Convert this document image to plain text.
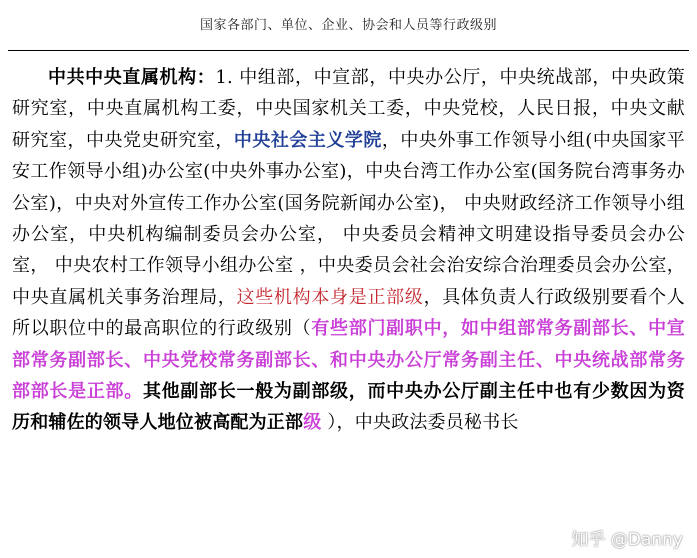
国家各部门、单位、企业、协会和人员等行政级别

中共中央直属机构：1. 中组部，中宣部，中央办公厅，中央统战部，中央政策研究室，中央直属机构工委，中央国家机关工委，中央党校，人民日报，中央文献研究室，中央党史研究室，中央社会主义学院，中央外事工作领导小组(中央国家平安工作领导小组)办公室(中央外事办公室)，中央台湾工作办公室(国务院台湾事务办公室)，中央对外宣传工作办公室(国务院新闻办公室)， 中央财政经济工作领导小组办公室，中央机构编制委员会办公室， 中央委员会精神文明建设指导委员会办公室， 中央农村工作领导小组办公室 ，中央委员会社会治安综合治理委员会办公室，中央直属机关事务治理局，这些机构本身是正部级，具体负责人行政级别要看个人所以职位中的最高职位的行政级别（有些部门副职中，如中组部常务副部长、中宣部常务副部长、中央党校常务副部长、和中央办公厅常务副主任、中央统战部常务部部长是正部。其他副部长一般为副部级，而中央办公厅副主任中也有少数因为资历和辅佐的领导人地位被高配为正部级 ），中央政法委员秘书长

知乎 @Danny
